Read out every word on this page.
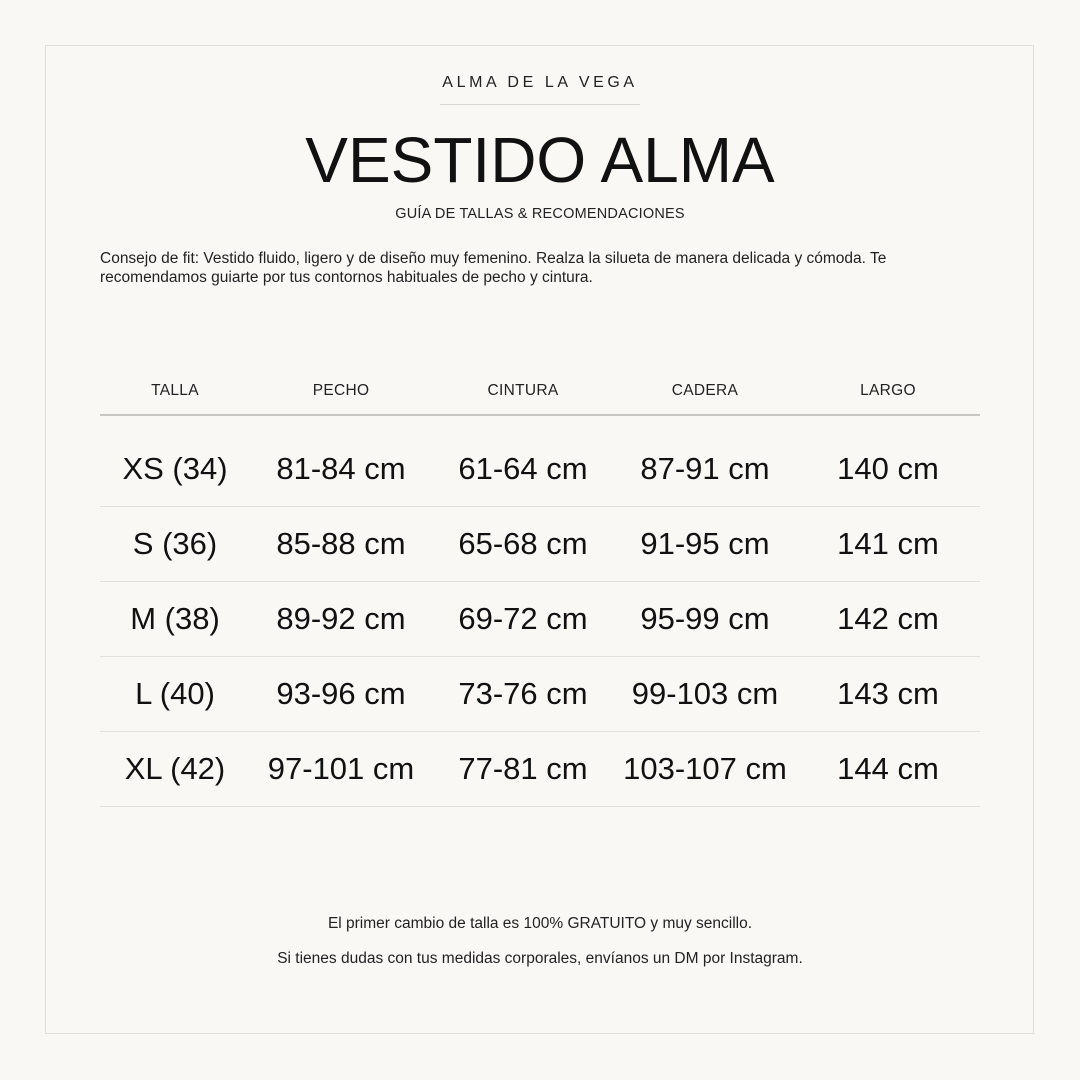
ALMA DE LA VEGA
VESTIDO ALMA
GUÍA DE TALLAS & RECOMENDACIONES

Consejo de fit: Vestido fluido, ligero y de diseño muy femenino. Realza la silueta de manera delicada y cómoda. Te recomendamos guiarte por tus contornos habituales de pecho y cintura.

TALLA	PECHO	CINTURA	CADERA	LARGO
XS (34)	81-84 cm	61-64 cm	87-91 cm	140 cm
S (36)	85-88 cm	65-68 cm	91-95 cm	141 cm
M (38)	89-92 cm	69-72 cm	95-99 cm	142 cm
L (40)	93-96 cm	73-76 cm	99-103 cm	143 cm
XL (42)	97-101 cm	77-81 cm	103-107 cm	144 cm
El primer cambio de talla es 100% GRATUITO y muy sencillo.
Si tienes dudas con tus medidas corporales, envíanos un DM por Instagram.
